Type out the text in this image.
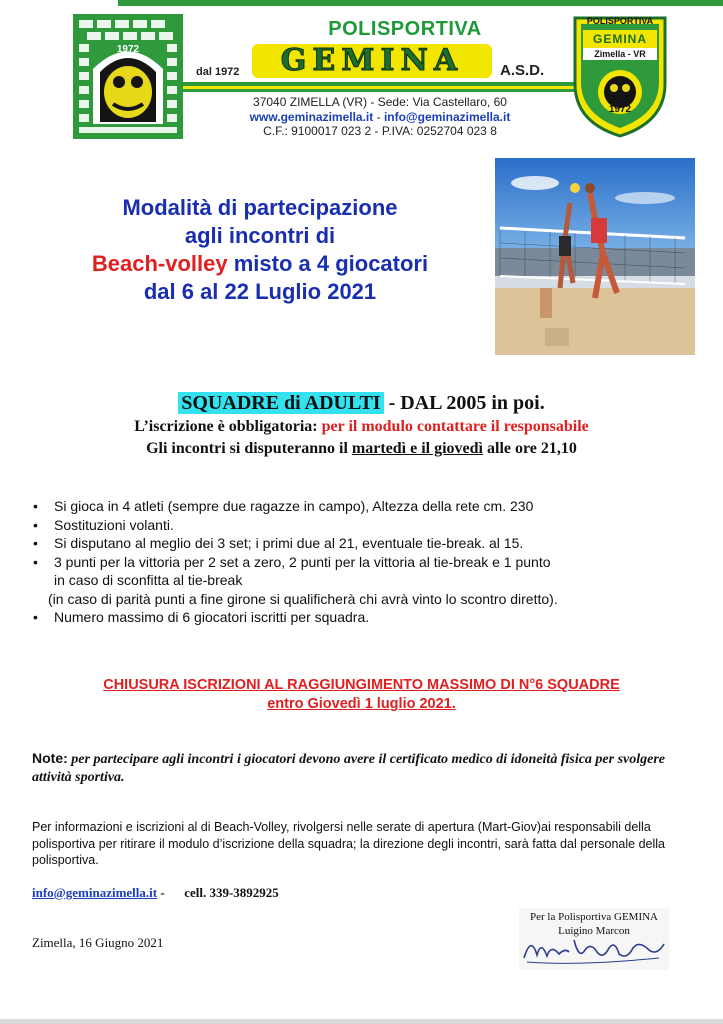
1972
POLISPORTIVA
dal 1972	GEMINA	A.S.D.
37040 ZIMELLA (VR) - Sede: Via Castellaro, 60
www.geminazimella.it - info@geminazimella.it
C.F.: 9100017 023 2 - P.IVA: 0252704 023 8
POLISPORTIVA
GEMINA
Zimella - VR
1972
Modalità di partecipazione
agli incontri di
Beach-volley misto a 4 giocatori
dal 6 al 22 Luglio 2021
SQUADRE di ADULTI - DAL 2005 in poi.
L’iscrizione è obbligatoria: per il modulo contattare il responsabile
Gli incontri si disputeranno il martedì e il giovedì alle ore 21,10
• Si gioca in 4 atleti (sempre due ragazze in campo), Altezza della rete cm. 230
• Sostituzioni volanti.
• Si disputano al meglio dei 3 set; i primi due al 21, eventuale tie-break. al 15.
• 3 punti per la vittoria per 2 set a zero, 2 punti per la vittoria al tie-break e 1 punto
in caso di sconfitta al tie-break
(in caso di parità punti a fine girone si qualificherà chi avrà vinto lo scontro diretto).
• Numero massimo di 6 giocatori iscritti per squadra.
CHIUSURA ISCRIZIONI AL RAGGIUNGIMENTO MASSIMO DI N°6 SQUADRE
entro Giovedì 1 luglio 2021.
Note: per partecipare agli incontri i giocatori devono avere il certificato medico di idoneità fisica per svolgere attività sportiva.
Per informazioni e iscrizioni al di Beach-Volley, rivolgersi nelle serate di apertura (Mart-Giov)ai responsabili della polisportiva per ritirare il modulo d’iscrizione della squadra; la direzione degli incontri, sarà fatta dal personale della polisportiva.
info@geminazimella.it -      cell. 339-3892925
Zimella, 16 Giugno 2021
Per la Polisportiva GEMINA
Luigino Marcon
